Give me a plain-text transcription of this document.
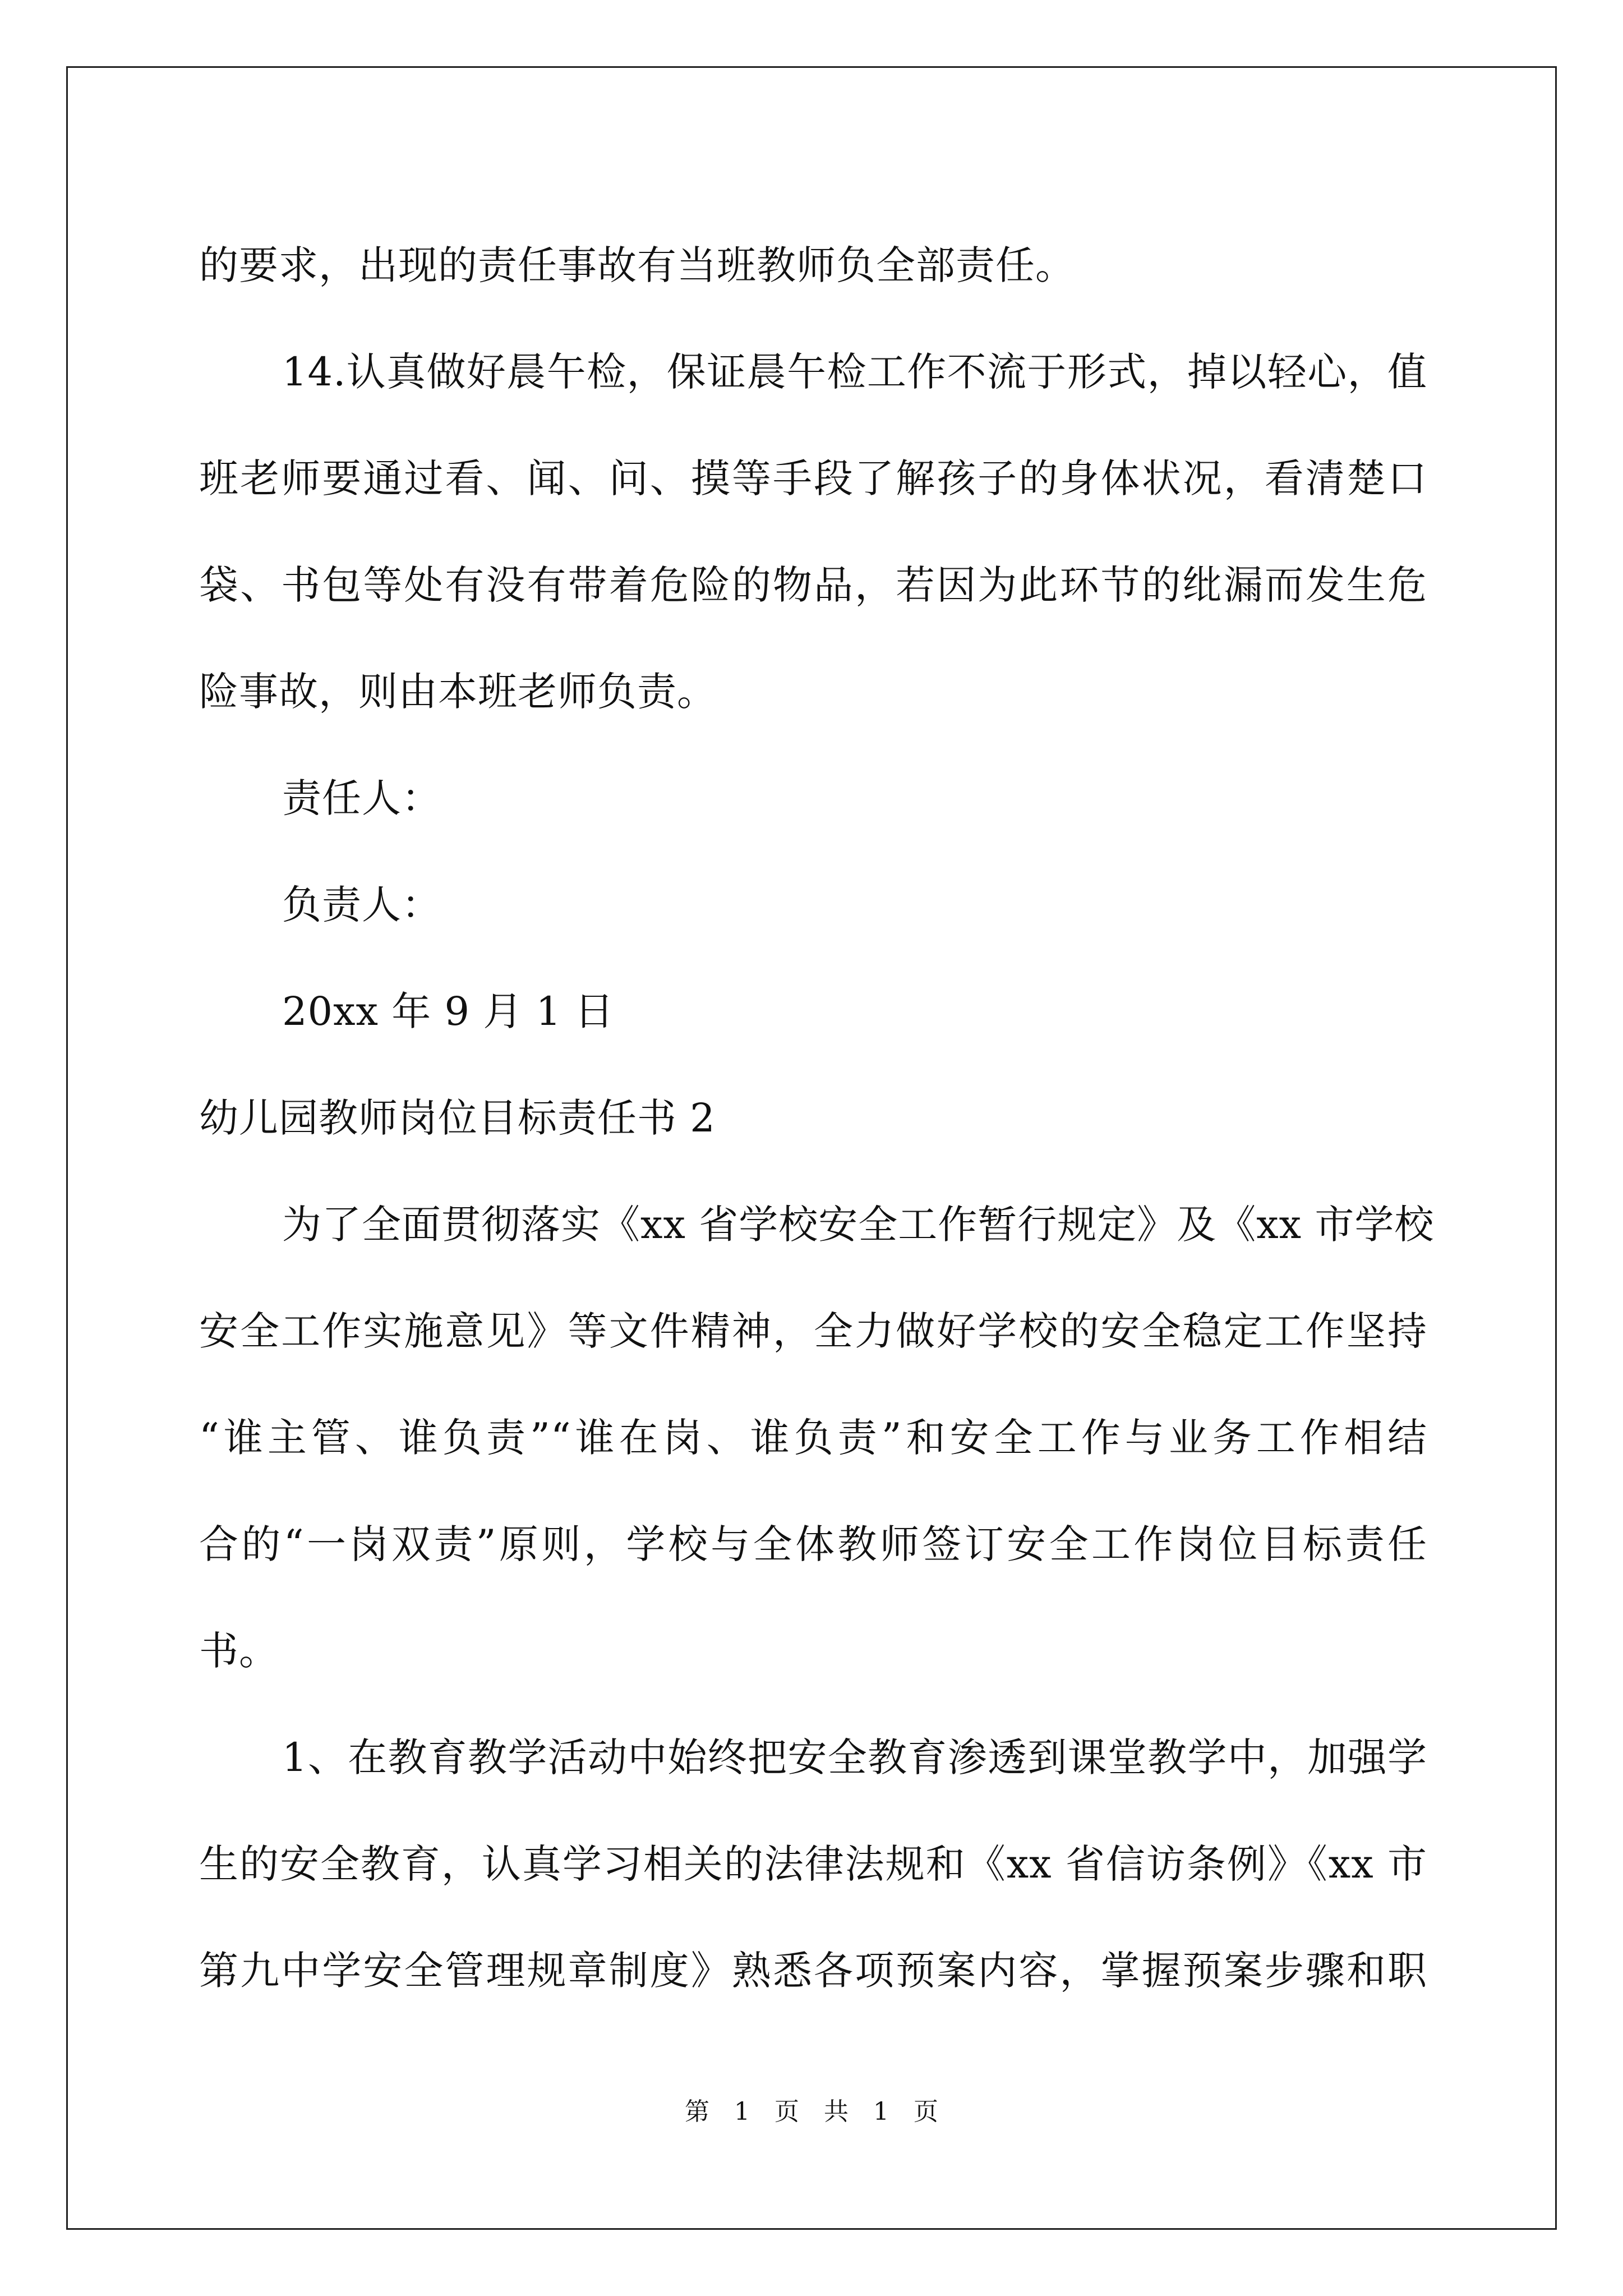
的要求，出现的责任事故有当班教师负全部责任。

14.认真做好晨午检，保证晨午检工作不流于形式，掉以轻心，值

班老师要通过看、闻、问、摸等手段了解孩子的身体状况，看清楚口

袋、书包等处有没有带着危险的物品，若因为此环节的纰漏而发生危

险事故，则由本班老师负责。

责任人：

负责人：

20xx 年 9 月 1 日

幼儿园教师岗位目标责任书 2

为了全面贯彻落实《xx 省学校安全工作暂行规定》及《xx 市学校

安全工作实施意见》等文件精神，全力做好学校的安全稳定工作坚持

“谁主管、谁负责”“谁在岗、谁负责”和安全工作与业务工作相结

合的“一岗双责”原则，学校与全体教师签订安全工作岗位目标责任

书。

1、在教育教学活动中始终把安全教育渗透到课堂教学中，加强学

生的安全教育，认真学习相关的法律法规和《xx 省信访条例》《xx 市

第九中学安全管理规章制度》熟悉各项预案内容，掌握预案步骤和职

第 1 页 共 1 页
